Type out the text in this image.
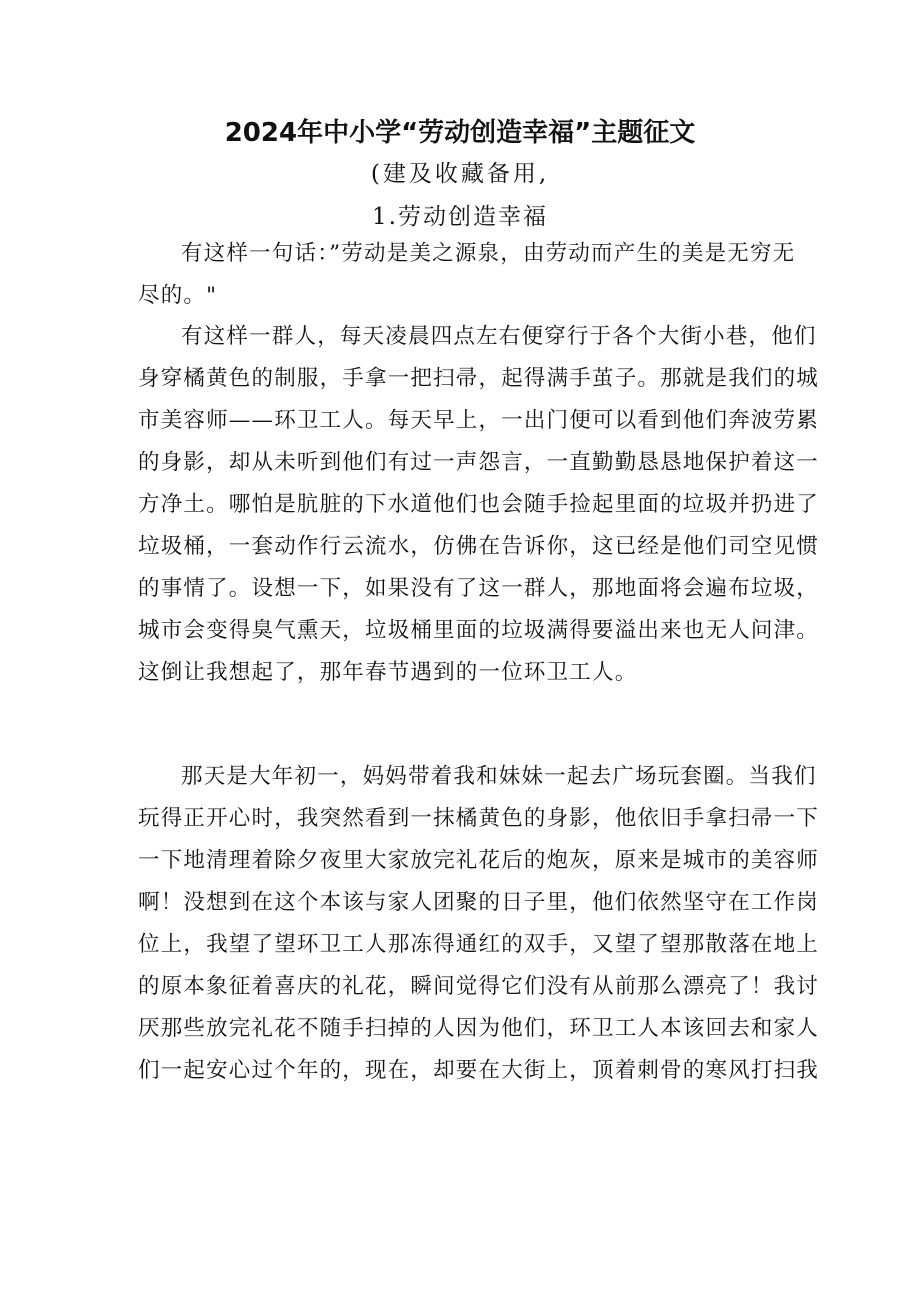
2024年中小学“劳动创造幸福”主题征文
(建及收藏备用,
1.劳动创造幸福
有这样一句话：”劳动是美之源泉，由劳动而产生的美是无穷无
尽的。"
有这样一群人，每天凌晨四点左右便穿行于各个大街小巷，他们
身穿橘黄色的制服，手拿一把扫帚，起得满手茧子。那就是我们的城
市美容师——环卫工人。每天早上，一出门便可以看到他们奔波劳累
的身影，却从未听到他们有过一声怨言，一直勤勤恳恳地保护着这一
方净土。哪怕是肮脏的下水道他们也会随手捡起里面的垃圾并扔进了
垃圾桶，一套动作行云流水，仿佛在告诉你，这已经是他们司空见惯
的事情了。设想一下，如果没有了这一群人，那地面将会遍布垃圾，
城市会变得臭气熏天，垃圾桶里面的垃圾满得要溢出来也无人问津。
这倒让我想起了，那年春节遇到的一位环卫工人。
那天是大年初一，妈妈带着我和妹妹一起去广场玩套圈。当我们
玩得正开心时，我突然看到一抹橘黄色的身影，他依旧手拿扫帚一下
一下地清理着除夕夜里大家放完礼花后的炮灰，原来是城市的美容师
啊！没想到在这个本该与家人团聚的日子里，他们依然坚守在工作岗
位上，我望了望环卫工人那冻得通红的双手，又望了望那散落在地上
的原本象征着喜庆的礼花，瞬间觉得它们没有从前那么漂亮了！我讨
厌那些放完礼花不随手扫掉的人因为他们，环卫工人本该回去和家人
们一起安心过个年的，现在，却要在大街上，顶着刺骨的寒风打扫我
